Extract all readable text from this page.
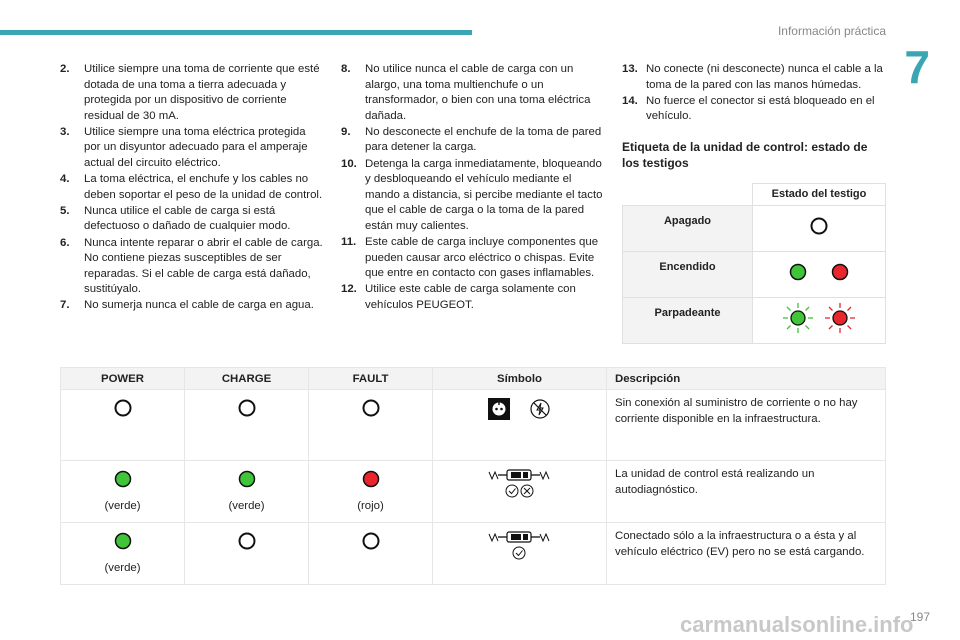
Información práctica
7
2.	Utilice siempre una toma de corriente que esté dotada de una toma a tierra adecuada y protegida por un dispositivo de corriente residual de 30 mA.
3.	Utilice siempre una toma eléctrica protegida por un disyuntor adecuado para el amperaje actual del circuito eléctrico.
4.	La toma eléctrica, el enchufe y los cables no deben soportar el peso de la unidad de control.
5.	Nunca utilice el cable de carga si está defectuoso o dañado de cualquier modo.
6.	Nunca intente reparar o abrir el cable de carga. No contiene piezas susceptibles de ser reparadas. Si el cable de carga está dañado, sustitúyalo.
7.	No sumerja nunca el cable de carga en agua.
8.	No utilice nunca el cable de carga con un alargo, una toma multienchufe o un transformador, o bien con una toma eléctrica dañada.
9.	No desconecte el enchufe de la toma de pared para detener la carga.
10. Detenga la carga inmediatamente, bloqueando y desbloqueando el vehículo mediante el mando a distancia, si percibe mediante el tacto que el cable de carga o la toma de la pared están muy calientes.
11. Este cable de carga incluye componentes que pueden causar arco eléctrico o chispas. Evite que entre en contacto con gases inflamables.
12. Utilice este cable de carga solamente con vehículos PEUGEOT.
13. No conecte (ni desconecte) nunca el cable a la toma de la pared con las manos húmedas.
14. No fuerce el conector si está bloqueado en el vehículo.
Etiqueta de la unidad de control: estado de los testigos
	Estado del testigo
Apagado	
Encendido	
Parpadeante	
POWER	CHARGE	FAULT	Símbolo	Descripción
				Sin conexión al suministro de corriente o no hay corriente disponible en la infraestructura.

(verde)	(verde)	(rojo)		La unidad de control está realizando un autodiagnóstico.

(verde)				Conectado sólo a la infraestructura o a ésta y al vehículo eléctrico (EV) pero no se está cargando.
carmanualsonline.info
197
